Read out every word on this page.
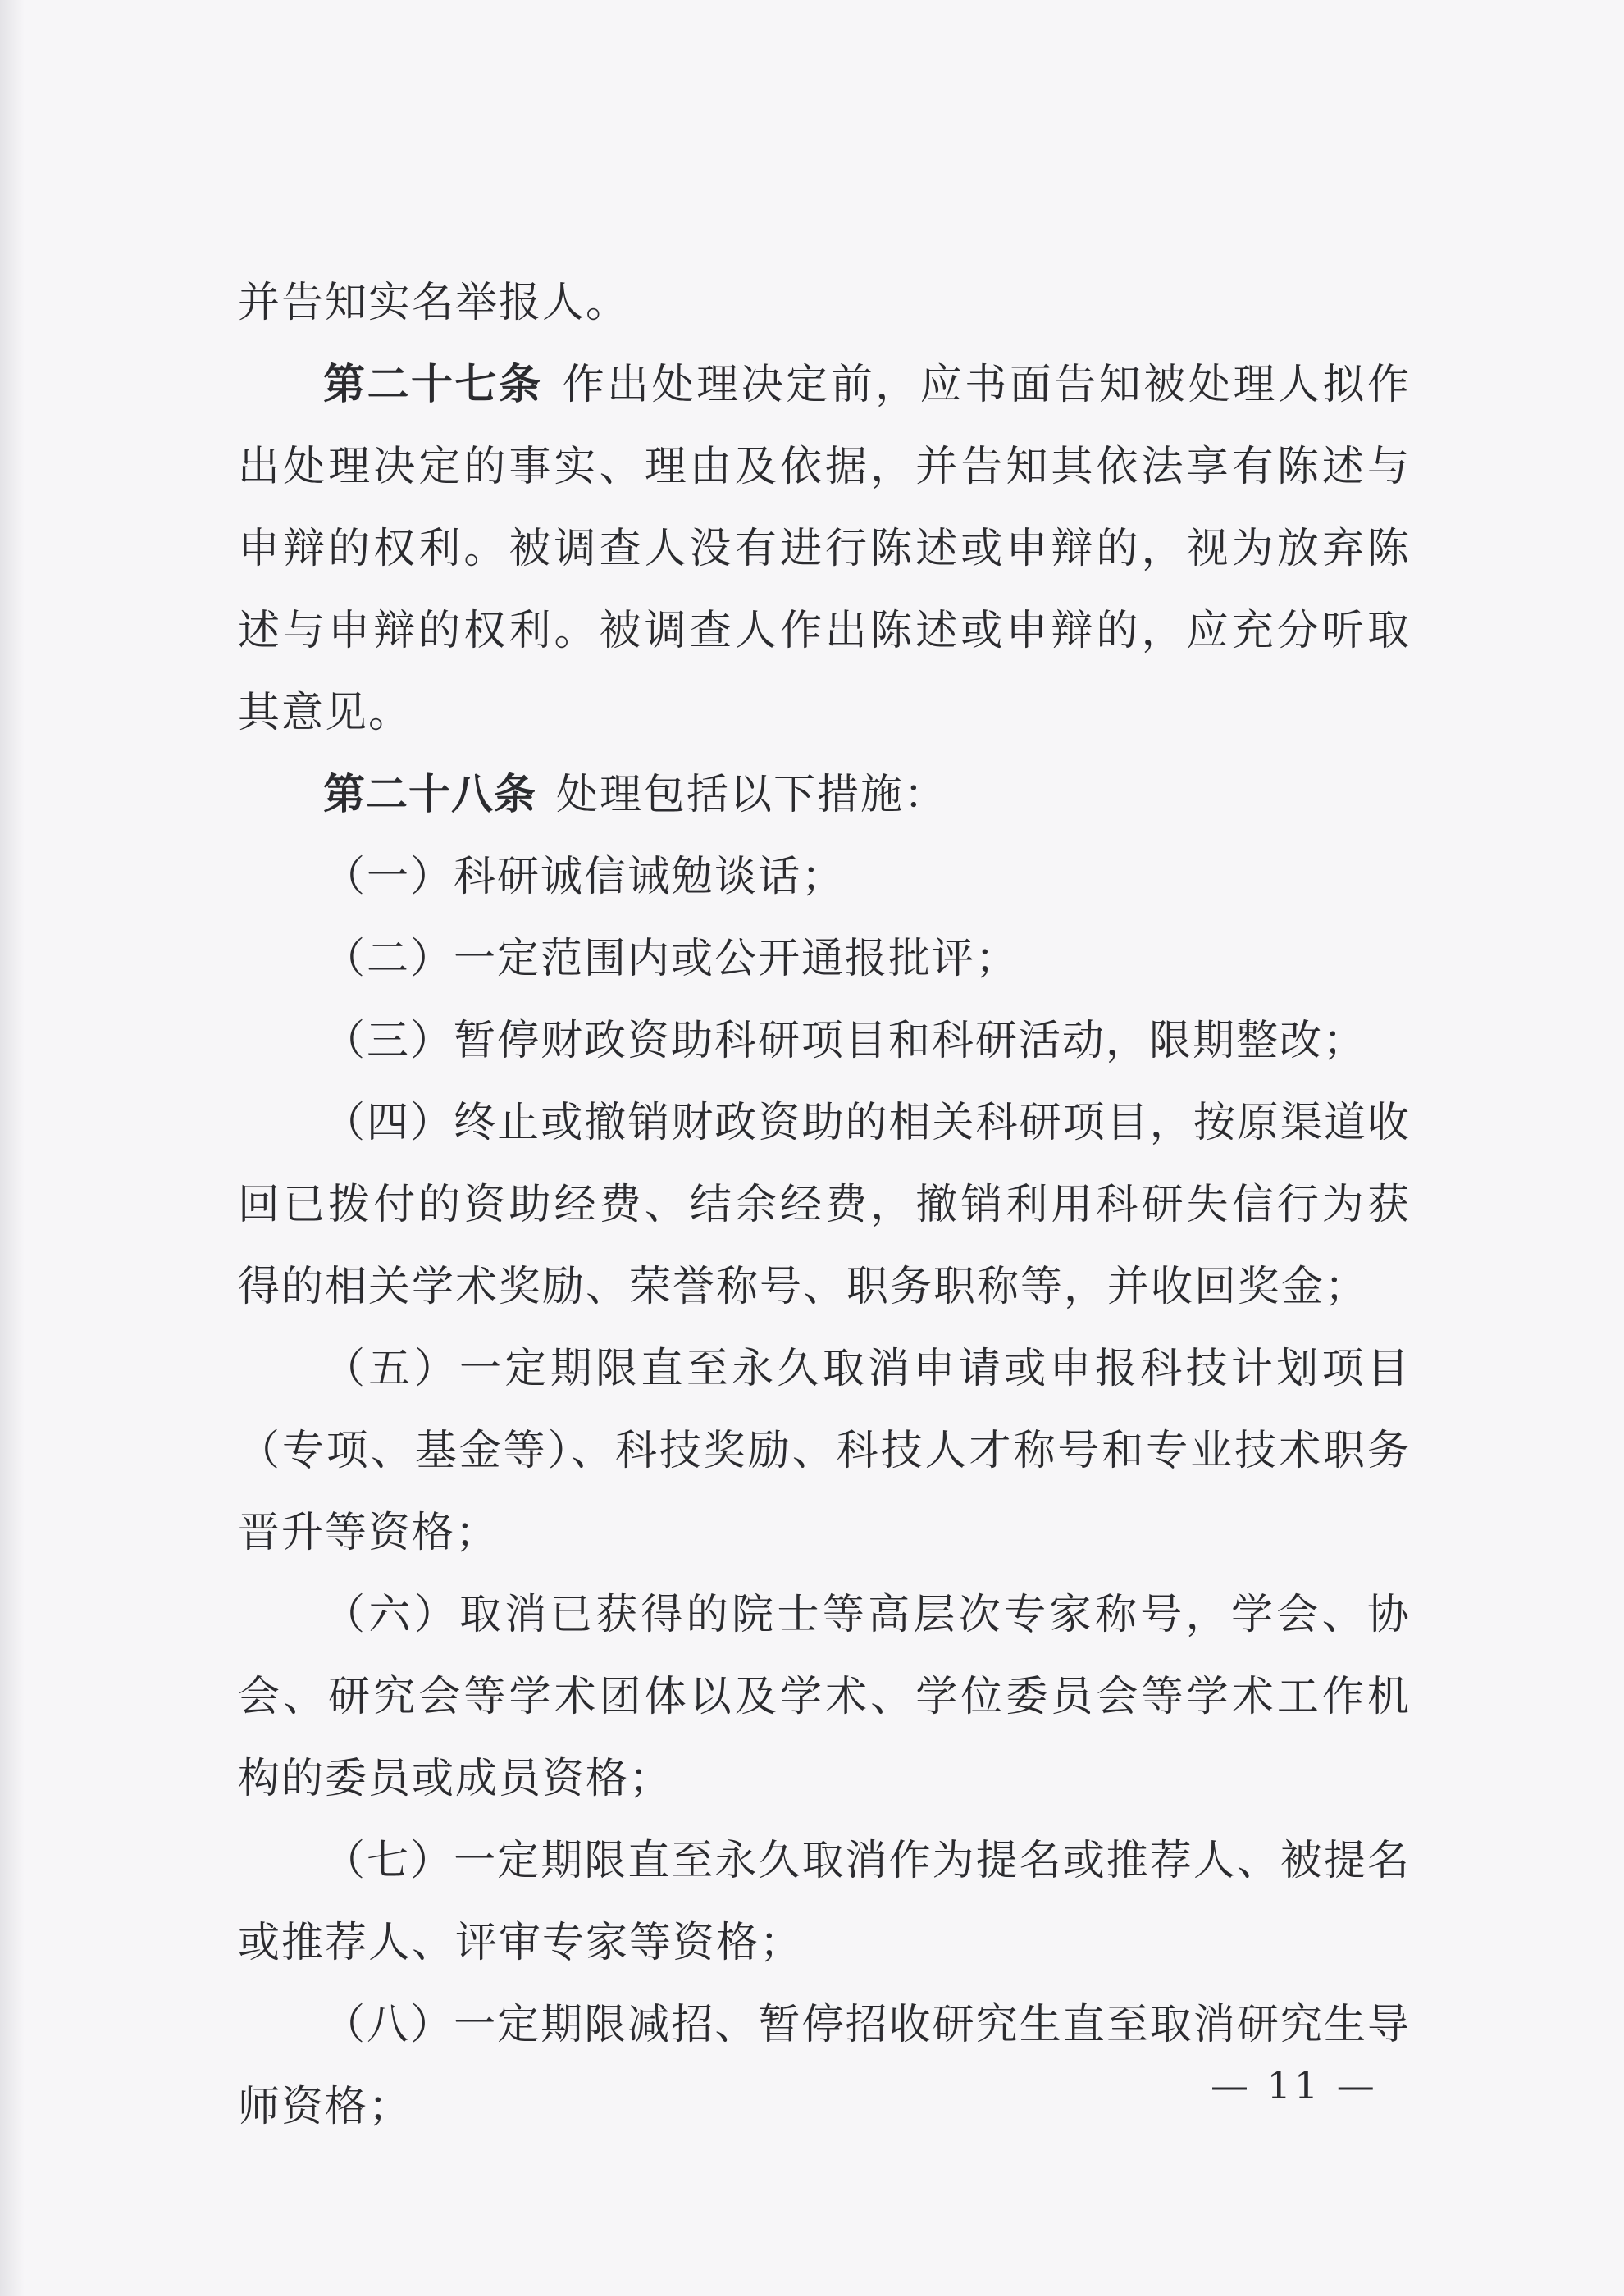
并告知实名举报人。

第二十七条 作出处理决定前，应书面告知被处理人拟作出处理决定的事实、理由及依据，并告知其依法享有陈述与申辩的权利。被调查人没有进行陈述或申辩的，视为放弃陈述与申辩的权利。被调查人作出陈述或申辩的，应充分听取其意见。

第二十八条 处理包括以下措施：

（一）科研诚信诫勉谈话；

（二）一定范围内或公开通报批评；

（三）暂停财政资助科研项目和科研活动，限期整改；

（四）终止或撤销财政资助的相关科研项目，按原渠道收回已拨付的资助经费、结余经费，撤销利用科研失信行为获得的相关学术奖励、荣誉称号、职务职称等，并收回奖金；

（五）一定期限直至永久取消申请或申报科技计划项目（专项、基金等）、科技奖励、科技人才称号和专业技术职务晋升等资格；

（六）取消已获得的院士等高层次专家称号，学会、协会、研究会等学术团体以及学术、学位委员会等学术工作机构的委员或成员资格；

（七）一定期限直至永久取消作为提名或推荐人、被提名或推荐人、评审专家等资格；

（八）一定期限减招、暂停招收研究生直至取消研究生导师资格；	— 11 —
